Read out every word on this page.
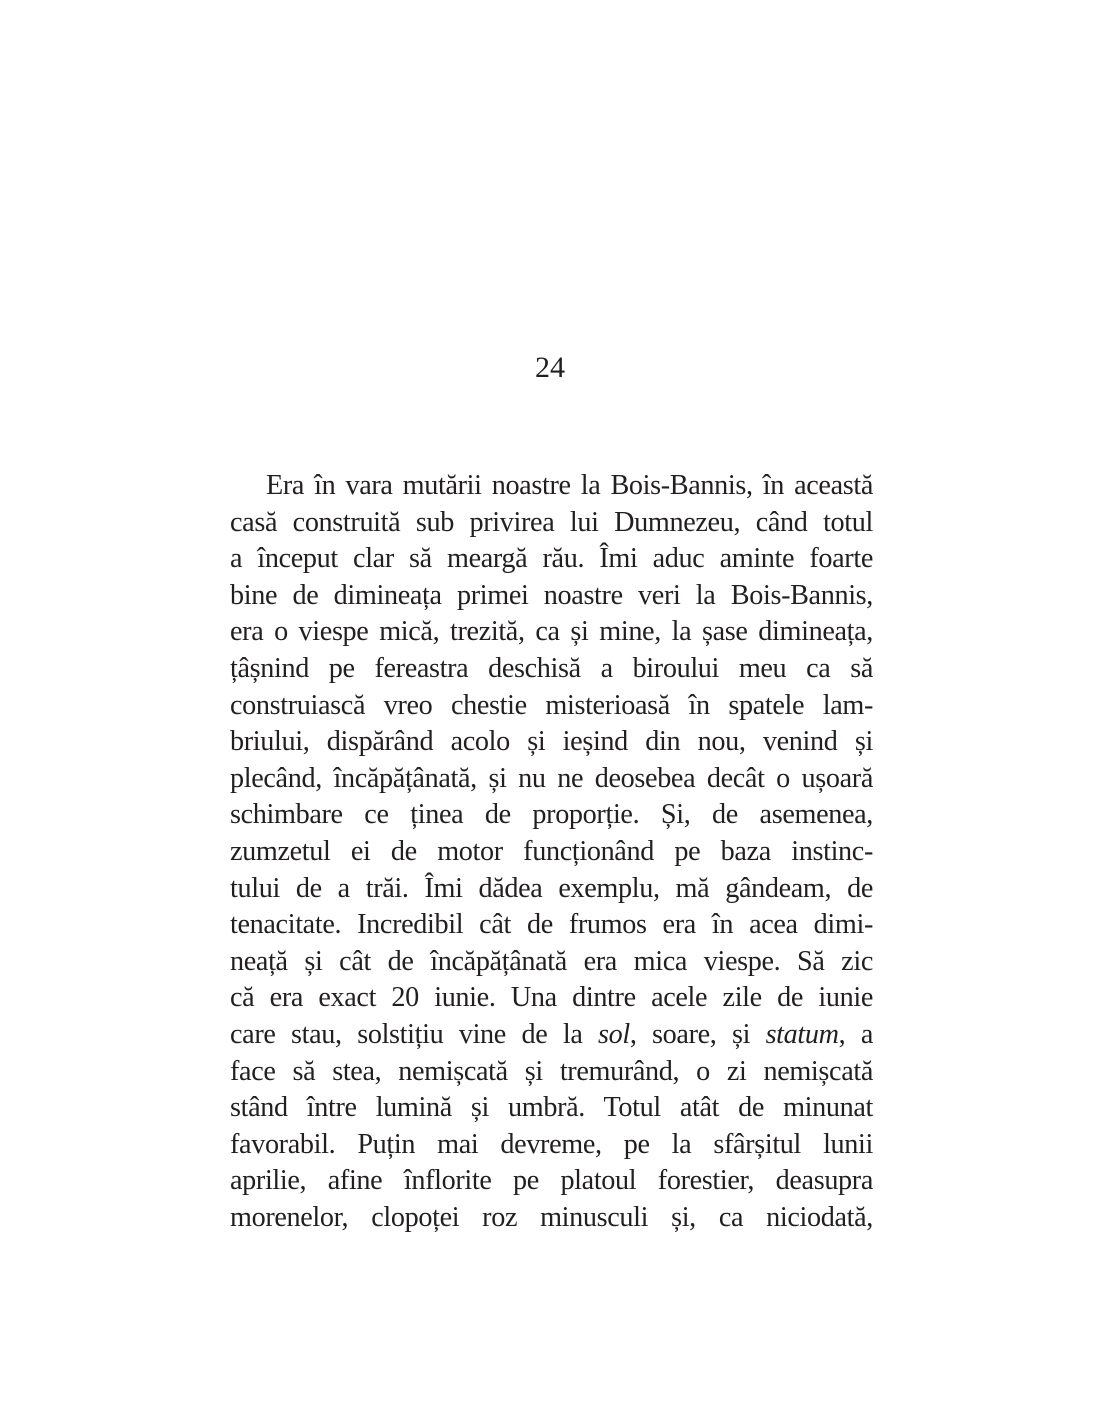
24
Era în vara mutării noastre la Bois-Bannis, în această
casă construită sub privirea lui Dumnezeu, când totul
a început clar să meargă rău. Îmi aduc aminte foarte
bine de dimineața primei noastre veri la Bois-Bannis,
era o viespe mică, trezită, ca și mine, la șase dimineața,
țâșnind pe fereastra deschisă a biroului meu ca să
construiască vreo chestie misterioasă în spatele lam-
briului, dispărând acolo și ieșind din nou, venind și
plecând, încăpățânată, și nu ne deosebea decât o ușoară
schimbare ce ținea de proporție. Și, de asemenea,
zumzetul ei de motor funcționând pe baza instinc-
tului de a trăi. Îmi dădea exemplu, mă gândeam, de
tenacitate. Incredibil cât de frumos era în acea dimi-
neață și cât de încăpățânată era mica viespe. Să zic
că era exact 20 iunie. Una dintre acele zile de iunie
care stau, solstițiu vine de la sol, soare, și statum, a
face să stea, nemișcată și tremurând, o zi nemișcată
stând între lumină și umbră. Totul atât de minunat
favorabil. Puțin mai devreme, pe la sfârșitul lunii
aprilie, afine înflorite pe platoul forestier, deasupra
morenelor, clopoței roz minusculi și, ca niciodată,
